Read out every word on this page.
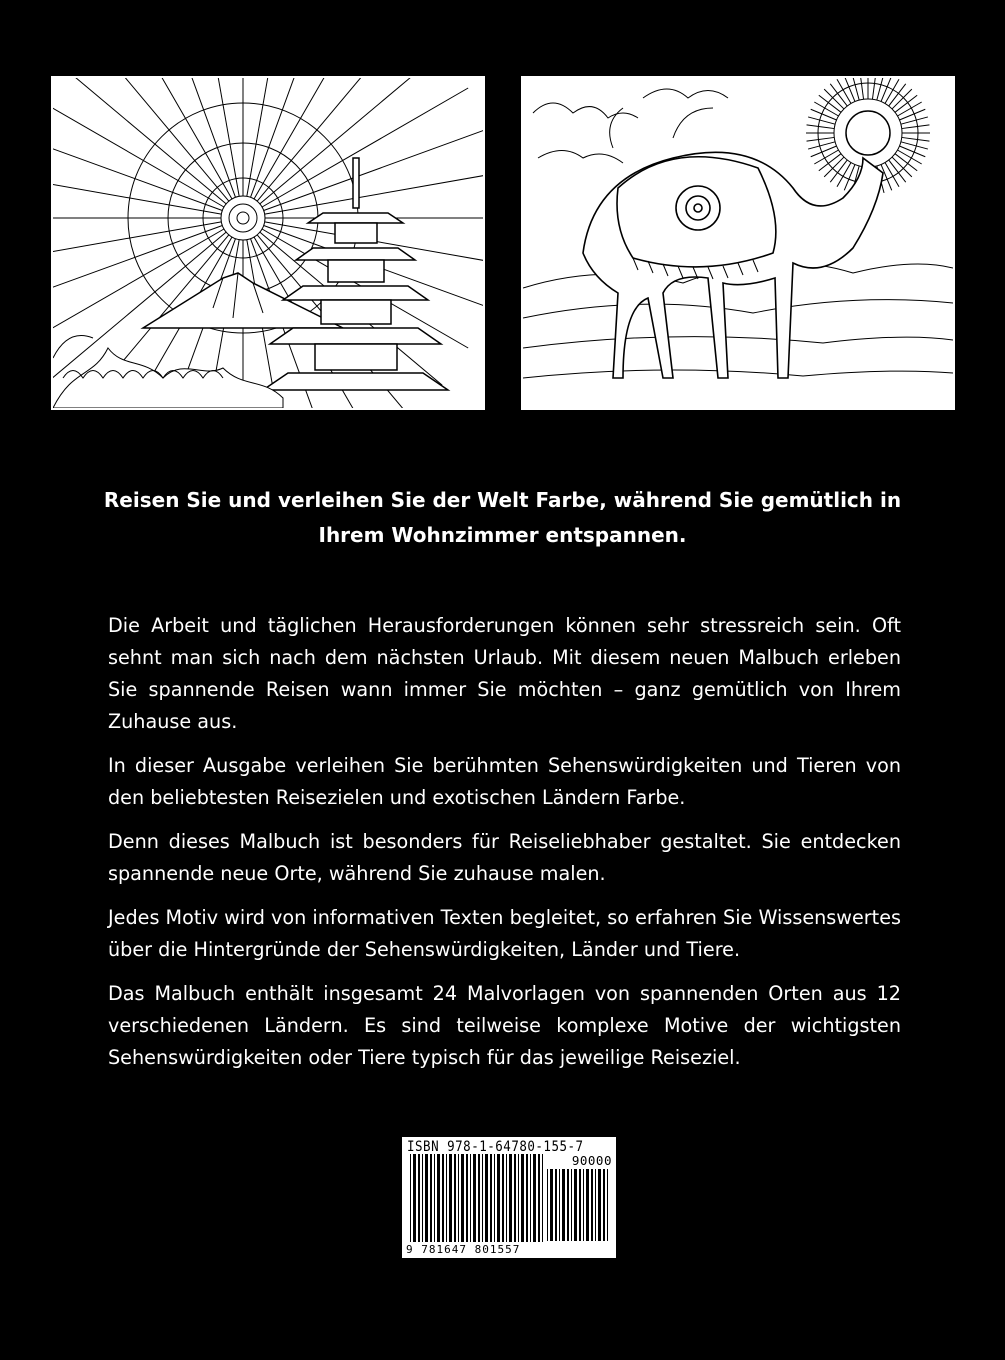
Reisen Sie und verleihen Sie der Welt Farbe, während Sie gemütlich in Ihrem Wohnzimmer entspannen.

Die Arbeit und täglichen Herausforderungen können sehr stressreich sein. Oft sehnt man sich nach dem nächsten Urlaub. Mit diesem neuen Malbuch erleben Sie spannende Reisen wann immer Sie möchten – ganz gemütlich von Ihrem Zuhause aus.

In dieser Ausgabe verleihen Sie berühmten Sehenswürdigkeiten und Tieren von den beliebtesten Reisezielen und exotischen Ländern Farbe.

Denn dieses Malbuch ist besonders für Reiseliebhaber gestaltet. Sie entdecken spannende neue Orte, während Sie zuhause malen.

Jedes Motiv wird von informativen Texten begleitet, so erfahren Sie Wissenswertes über die Hintergründe der Sehenswürdigkeiten, Länder und Tiere.

Das Malbuch enthält insgesamt 24 Malvorlagen von spannenden Orten aus 12 verschiedenen Ländern. Es sind teilweise komplexe Motive der wichtigsten Sehenswürdigkeiten oder Tiere typisch für das jeweilige Reiseziel.

ISBN 978-1-64780-155-7
90000
9 781647 801557
